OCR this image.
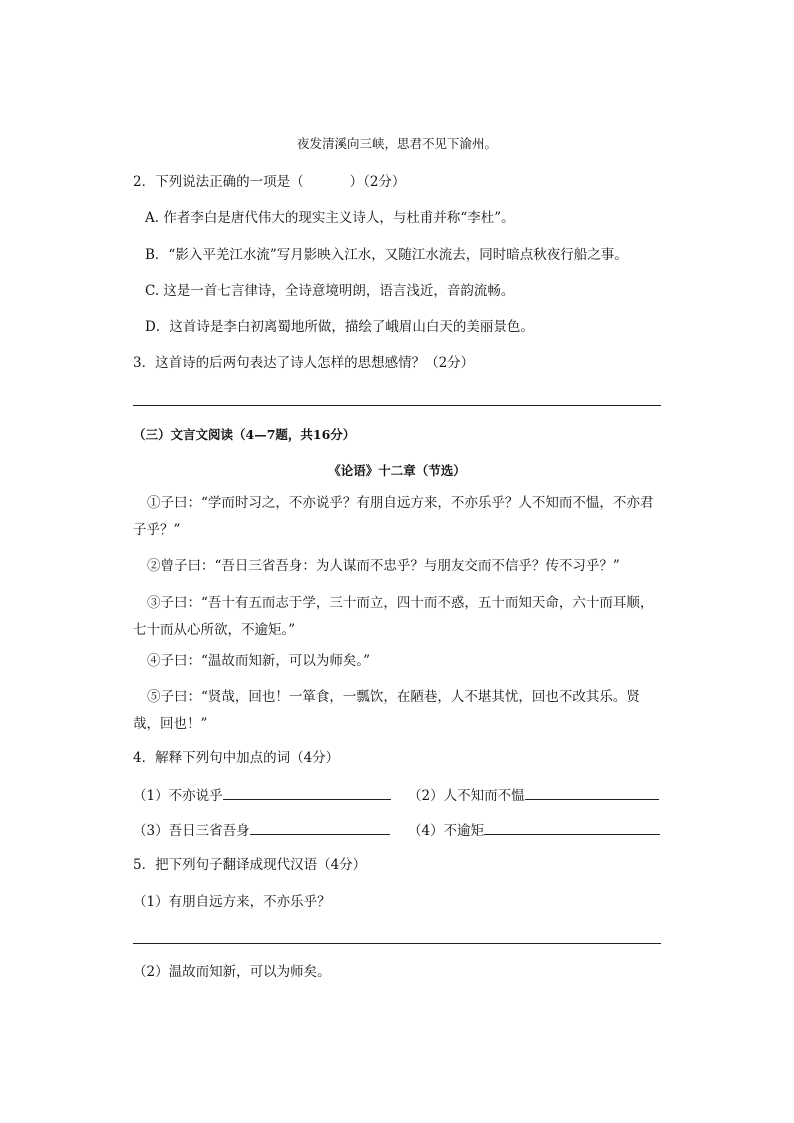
夜发清溪向三峡，思君不见下渝州。
2．下列说法正确的一项是（	）（2分）
A. 作者李白是唐代伟大的现实主义诗人，与杜甫并称“李杜”。
B．“影入平羌江水流”写月影映入江水，又随江水流去，同时暗点秋夜行船之事。
C. 这是一首七言律诗，全诗意境明朗，语言浅近，音韵流畅。
D．这首诗是李白初离蜀地所做，描绘了峨眉山白天的美丽景色。
3．这首诗的后两句表达了诗人怎样的思想感情？（2分）
（三）文言文阅读（4—7题，共16分）
《论语》十二章（节选）
①子曰：“学而时习之，不亦说乎？有朋自远方来，不亦乐乎？人不知而不愠，不亦君子乎？”
②曾子曰：“吾日三省吾身：为人谋而不忠乎？与朋友交而不信乎？传不习乎？”
③子曰：“吾十有五而志于学，三十而立，四十而不惑，五十而知天命，六十而耳顺，七十而从心所欲，不逾矩。”
④子曰：“温故而知新，可以为师矣。”
⑤子曰：“贤哉，回也！一箪食，一瓢饮，在陋巷，人不堪其忧，回也不改其乐。贤哉，回也！”
4．解释下列句中加点的词（4分）
（1）不亦说乎	（2）人不知而不愠
（3）吾日三省吾身	（4）不逾矩
5．把下列句子翻译成现代汉语（4分）
（1）有朋自远方来，不亦乐乎？
（2）温故而知新，可以为师矣。
